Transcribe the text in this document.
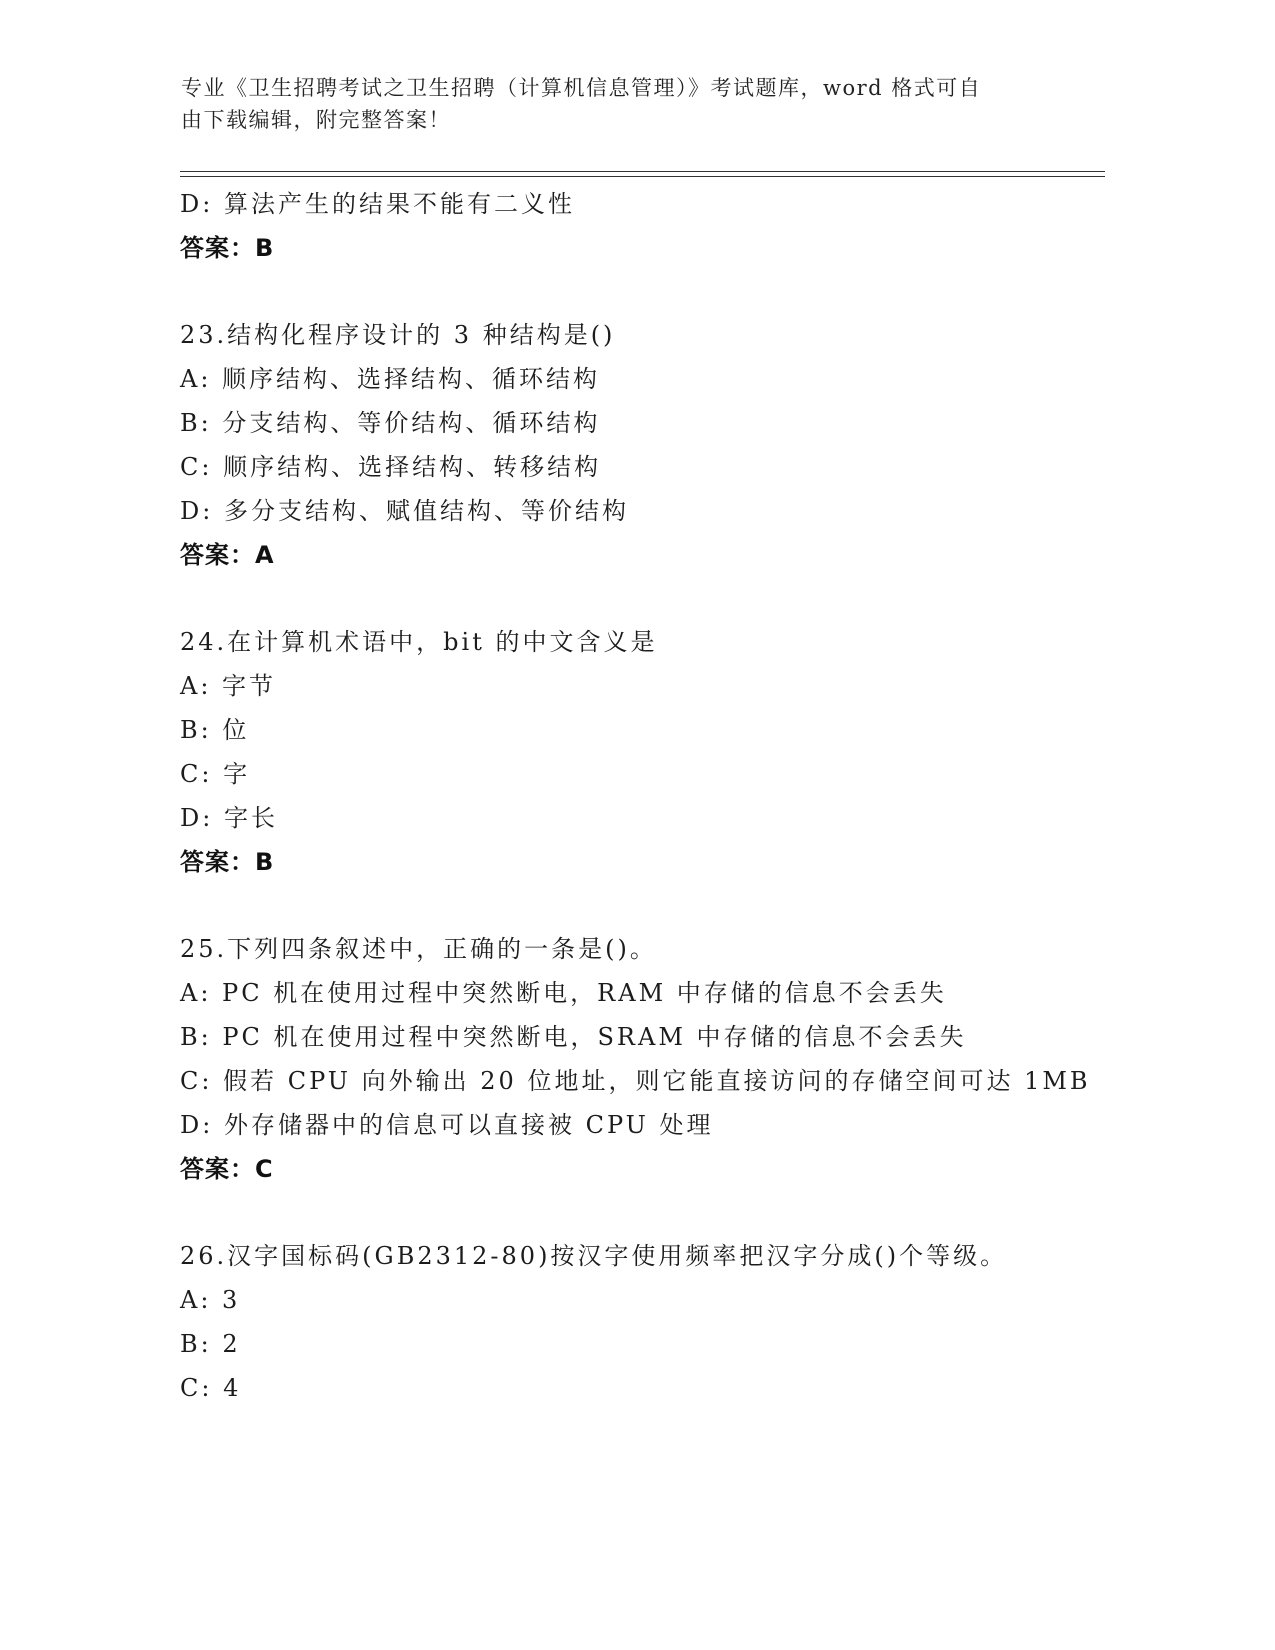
专业《卫生招聘考试之卫生招聘（计算机信息管理）》考试题库，word 格式可自
由下载编辑，附完整答案！
D: 算法产生的结果不能有二义性
答案：B
23.结构化程序设计的 3 种结构是()
A: 顺序结构、选择结构、循环结构
B: 分支结构、等价结构、循环结构
C: 顺序结构、选择结构、转移结构
D: 多分支结构、赋值结构、等价结构
答案：A
24.在计算机术语中，bit 的中文含义是
A: 字节
B: 位
C: 字
D: 字长
答案：B
25.下列四条叙述中，正确的一条是()。
A: PC 机在使用过程中突然断电，RAM 中存储的信息不会丢失
B: PC 机在使用过程中突然断电，SRAM 中存储的信息不会丢失
C: 假若 CPU 向外输出 20 位地址，则它能直接访问的存储空间可达 1MB
D: 外存储器中的信息可以直接被 CPU 处理
答案：C
26.汉字国标码(GB2312-80)按汉字使用频率把汉字分成()个等级。
A: 3
B: 2
C: 4
